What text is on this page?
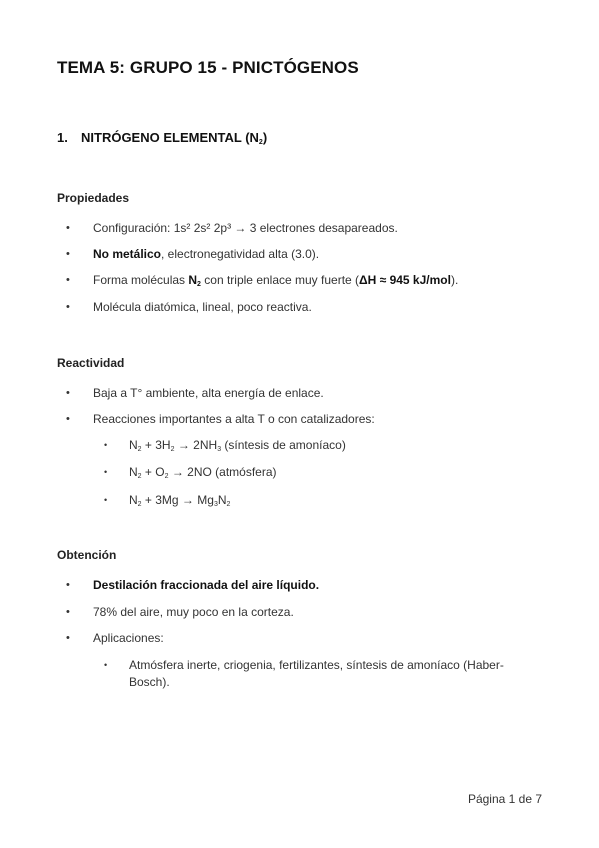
TEMA 5: GRUPO 15 - PNICTÓGENOS
1. NITRÓGENO ELEMENTAL $(N_2)$
Propiedades
• Configuración: 1s² 2s² 2p³ → 3 electrones desapareados.
• No metálico, electronegatividad alta (3.0).
• Forma moléculas $N_2$ con triple enlace muy fuerte (ΔH ≈ 945 kJ/mol).
• Molécula diatómica, lineal, poco reactiva.
Reactividad
• Baja a T° ambiente, alta energía de enlace.
• Reacciones importantes a alta T o con catalizadores:
• $N_2 + 3H_2 \to 2NH_3$ (síntesis de amoníaco)
• $N_2 + O_2 \to 2NO$ (atmósfera)
• $N_2 + 3Mg \to Mg_3N_2$
Obtención
• Destilación fraccionada del aire líquido.
• 78% del aire, muy poco en la corteza.
• Aplicaciones:
• Atmósfera inerte, criogenia, fertilizantes, síntesis de amoníaco (Haber-Bosch).
Página 1 de 7
